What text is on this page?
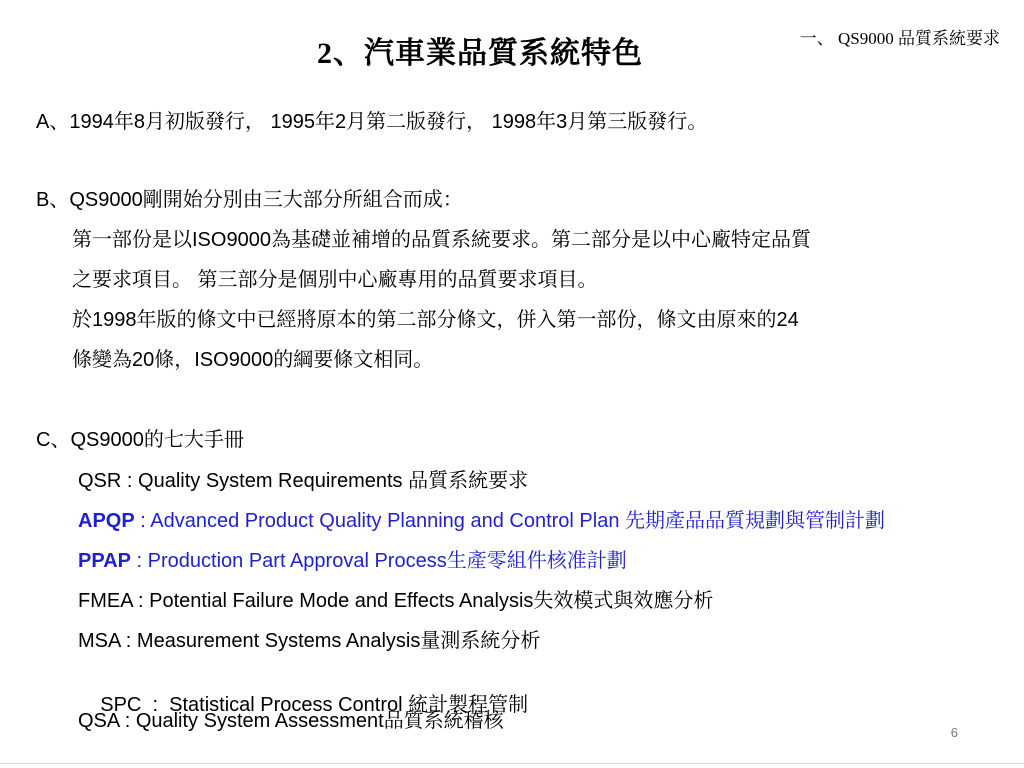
一、 QS9000 品質系統要求
2、汽車業品質系統特色
A、1994年8月初版發行， 1995年2月第二版發行， 1998年3月第三版發行。
B、QS9000剛開始分別由三大部分所組合而成：
第一部份是以ISO9000為基礎並補增的品質系統要求。第二部分是以中心廠特定品質
之要求項目。 第三部分是個別中心廠專用的品質要求項目。
於1998年版的條文中已經將原本的第二部分條文，併入第一部份，條文由原來的24
條變為20條，ISO9000的綱要條文相同。
C、QS9000的七大手冊
QSR : Quality System Requirements 品質系統要求
APQP : Advanced Product Quality Planning and Control Plan 先期產品品質規劃與管制計劃
PPAP : Production Part Approval Process生產零組件核准計劃
FMEA : Potential Failure Mode and Effects Analysis失效模式與效應分析
MSA : Measurement Systems Analysis量測系統分析

SPC  :  Statistical Process Control 統計製程管制

QSA : Quality System Assessment品質系統稽核
6
